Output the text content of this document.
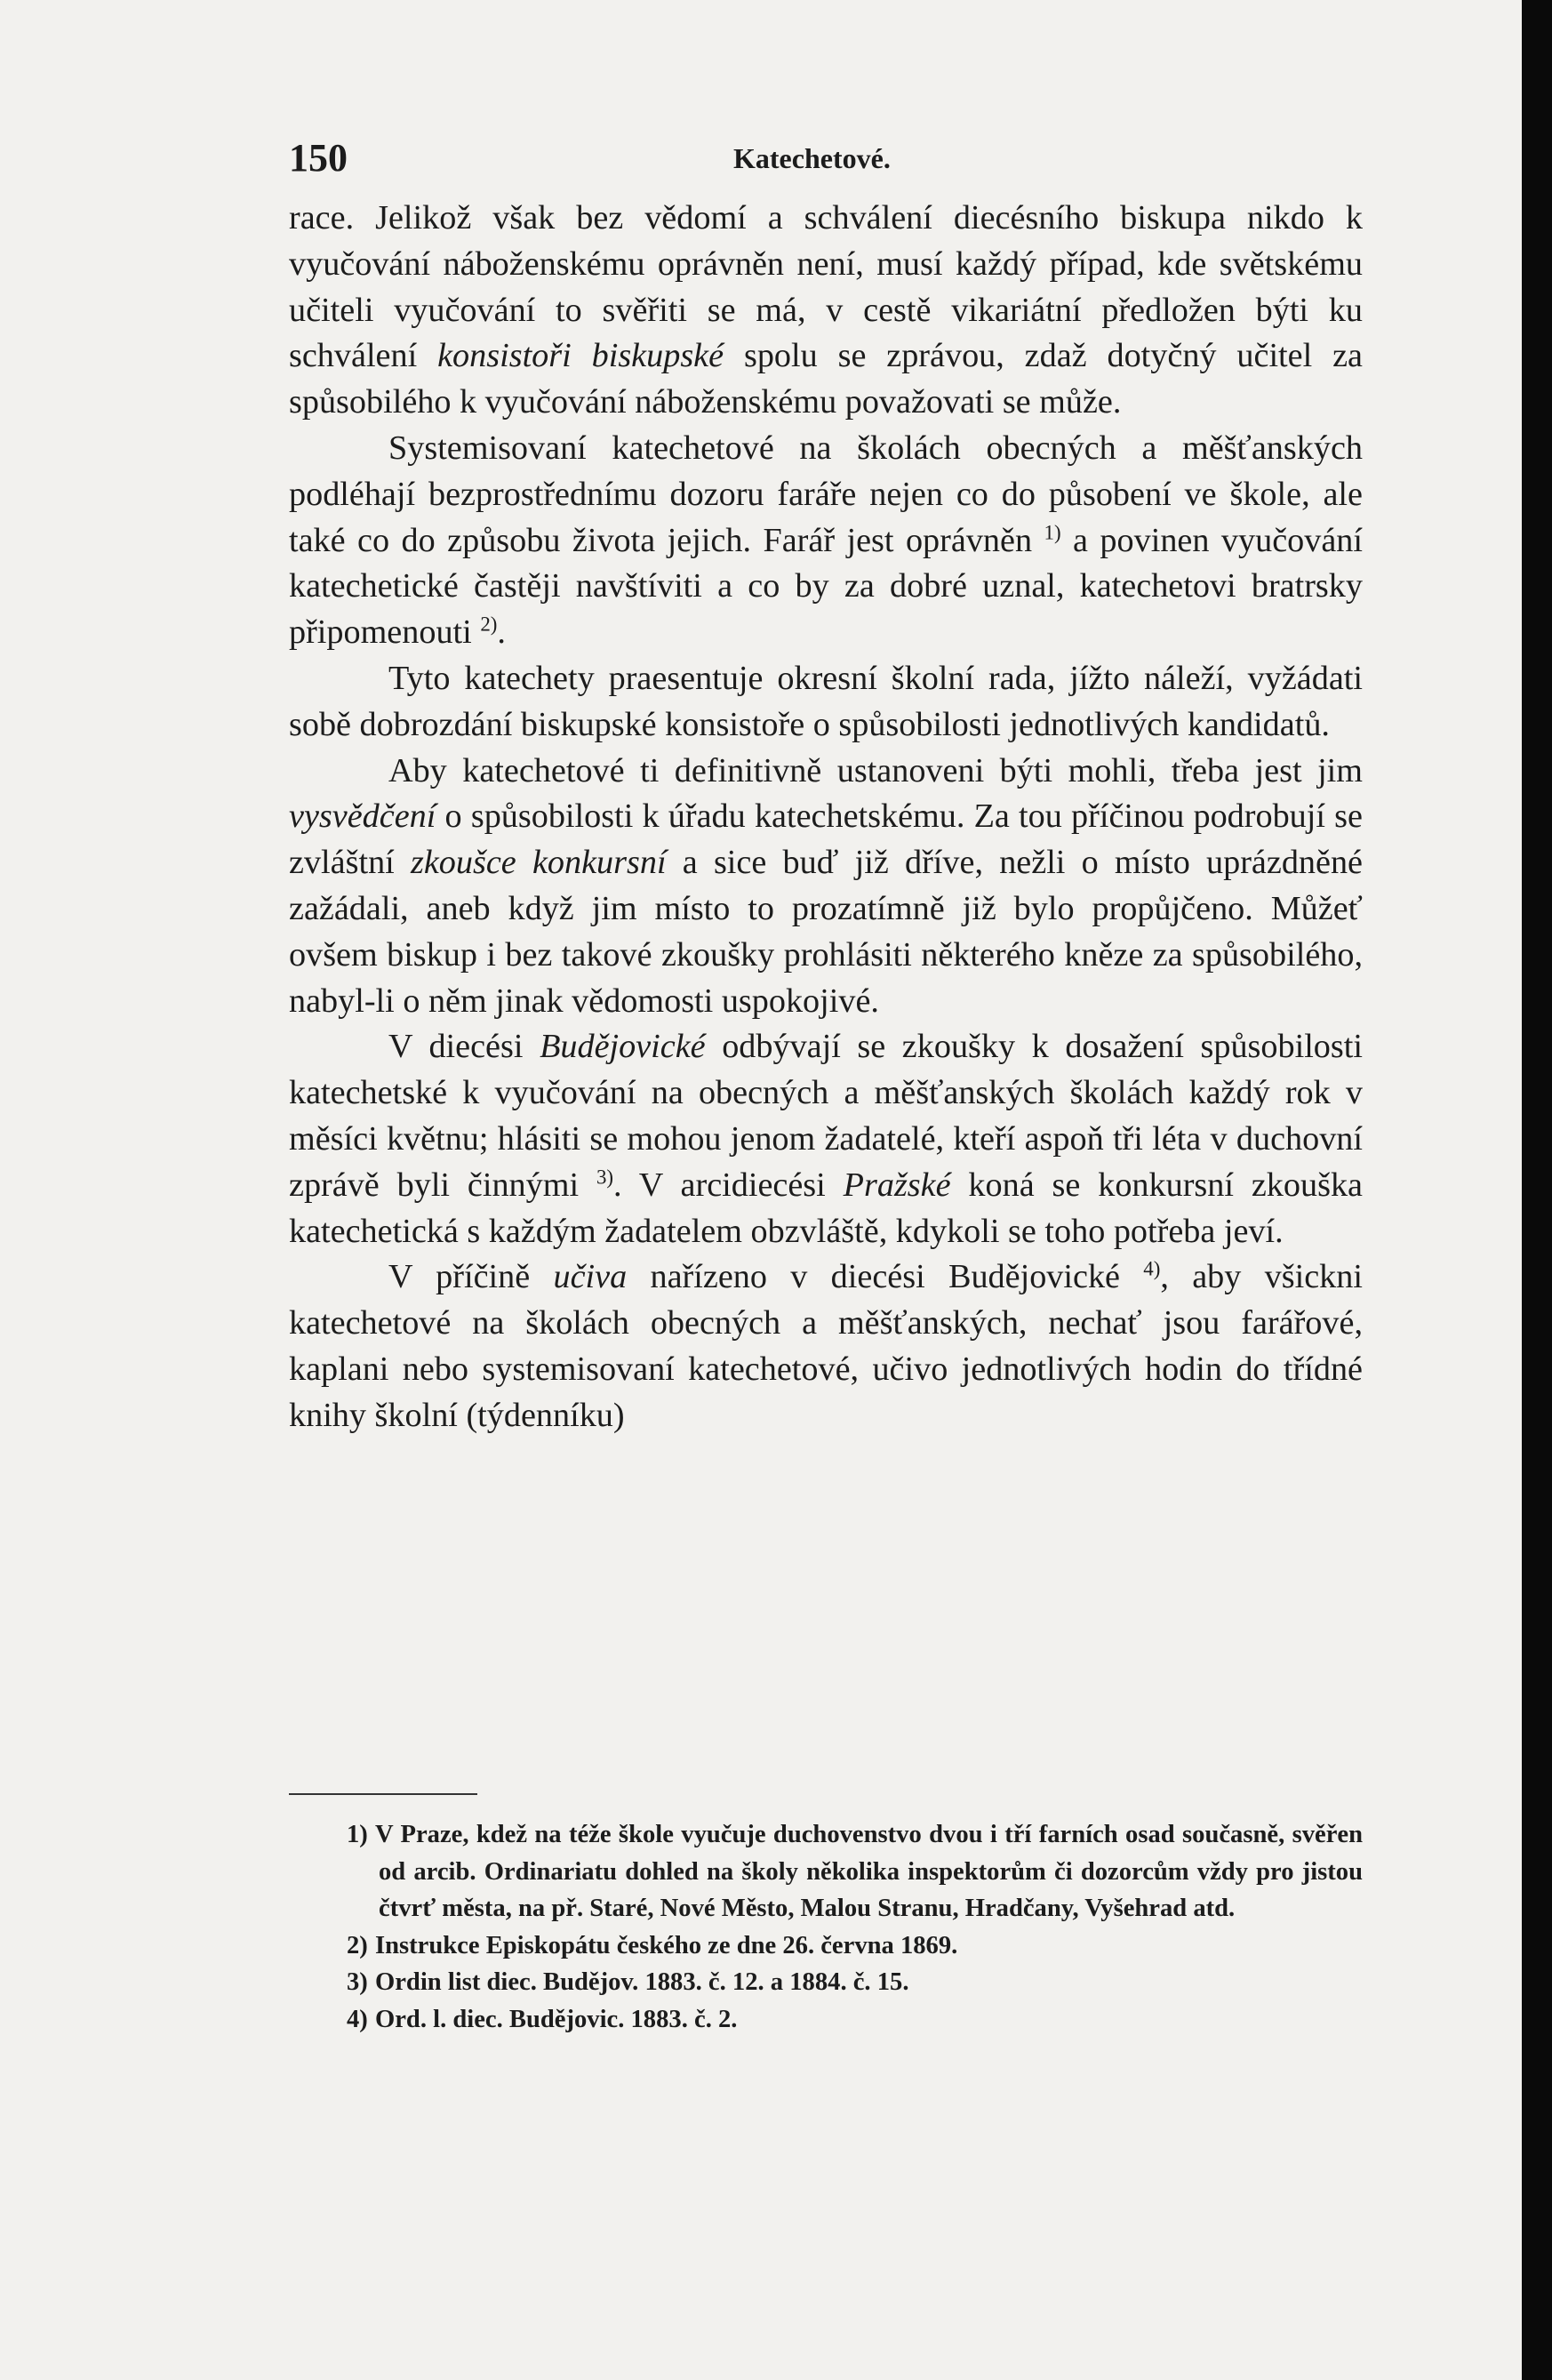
150	Katechetové.

race. Jelikož však bez vědomí a schválení diecésního biskupa nikdo k vyučování náboženskému oprávněn není, musí každý případ, kde světskému učiteli vyučování to svěřiti se má, v cestě vikariátní předložen býti ku schválení konsistoři biskupské spolu se zprávou, zdaž dotyčný učitel za spůsobilého k vyučování náboženskému považovati se může.

Systemisovaní katechetové na školách obecných a měšťanských podléhají bezprostřednímu dozoru faráře nejen co do působení ve škole, ale také co do způsobu života jejich. Farář jest oprávněn $^{1)}$ a povinen vyučování katechetické častěji navštíviti a co by za dobré uznal, katechetovi bratrsky připomenouti $^{2)}$.

Tyto katechety praesentuje okresní školní rada, jížto náleží, vyžádati sobě dobrozdání biskupské konsistoře o spůsobilosti jednotlivých kandidatů.

Aby katechetové ti definitivně ustanoveni býti mohli, třeba jest jim vysvědčení o spůsobilosti k úřadu katechetskému. Za tou příčinou podrobují se zvláštní zkoušce konkursní a sice buď již dříve, nežli o místo uprázdněné zažádali, aneb když jim místo to prozatímně již bylo propůjčeno. Můžeť ovšem biskup i bez takové zkoušky prohlásiti některého kněze za spůsobilého, nabyl-li o něm jinak vědomosti uspokojivé.

V diecési Budějovické odbývají se zkoušky k dosažení spůsobilosti katechetské k vyučování na obecných a měšťanských školách každý rok v měsíci květnu; hlásiti se mohou jenom žadatelé, kteří aspoň tři léta v duchovní zprávě byli činnými $^{3)}$. V arcidiecési Pražské koná se konkursní zkouška katechetická s každým žadatelem obzvláště, kdykoli se toho potřeba jeví.

V příčině učiva nařízeno v diecési Budějovické $^{4)}$, aby všickni katechetové na školách obecných a měšťanských, nechať jsou farářové, kaplani nebo systemisovaní katechetové, učivo jednotlivých hodin do třídné knihy školní (týdenníku)

1) V Praze, kdež na téže škole vyučuje duchovenstvo dvou i tří farních osad současně, svěřen od arcib. Ordinariatu dohled na školy několika inspektorům či dozorcům vždy pro jistou čtvrť města, na př. Staré, Nové Město, Malou Stranu, Hradčany, Vyšehrad atd.

2) Instrukce Episkopátu českého ze dne 26. června 1869.

3) Ordin list diec. Budějov. 1883. č. 12. a 1884. č. 15.

4) Ord. l. diec. Budějovic. 1883. č. 2.
